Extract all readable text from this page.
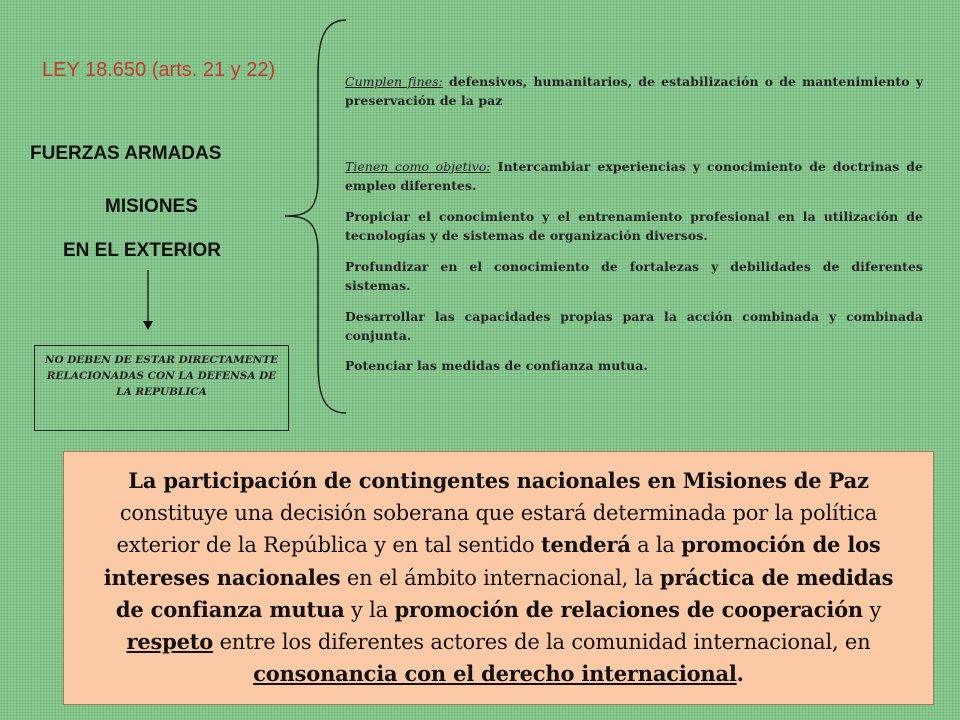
LEY 18.650 (arts. 21 y 22)
FUERZAS ARMADAS
MISIONES
EN EL EXTERIOR
NO DEBEN DE ESTAR DIRECTAMENTE RELACIONADAS CON LA DEFENSA DE LA REPUBLICA
Cumplen fines: defensivos, humanitarios, de estabilización o de mantenimiento y preservación de la paz
Tienen como objetivo: Intercambiar experiencias y conocimiento de doctrinas de empleo diferentes.
Propiciar el conocimiento y el entrenamiento profesional en la utilización de tecnologías y de sistemas de organización diversos.
Profundizar en el conocimiento de fortalezas y debilidades de diferentes sistemas.
Desarrollar las capacidades propias para la acción combinada y combinada conjunta.
Potenciar las medidas de confianza mutua.
La participación de contingentes nacionales en Misiones de Paz constituye una decisión soberana que estará determinada por la política exterior de la República y en tal sentido tenderá a la promoción de los intereses nacionales en el ámbito internacional, la práctica de medidas de confianza mutua y la promoción de relaciones de cooperación y respeto entre los diferentes actores de la comunidad internacional, en consonancia con el derecho internacional.
